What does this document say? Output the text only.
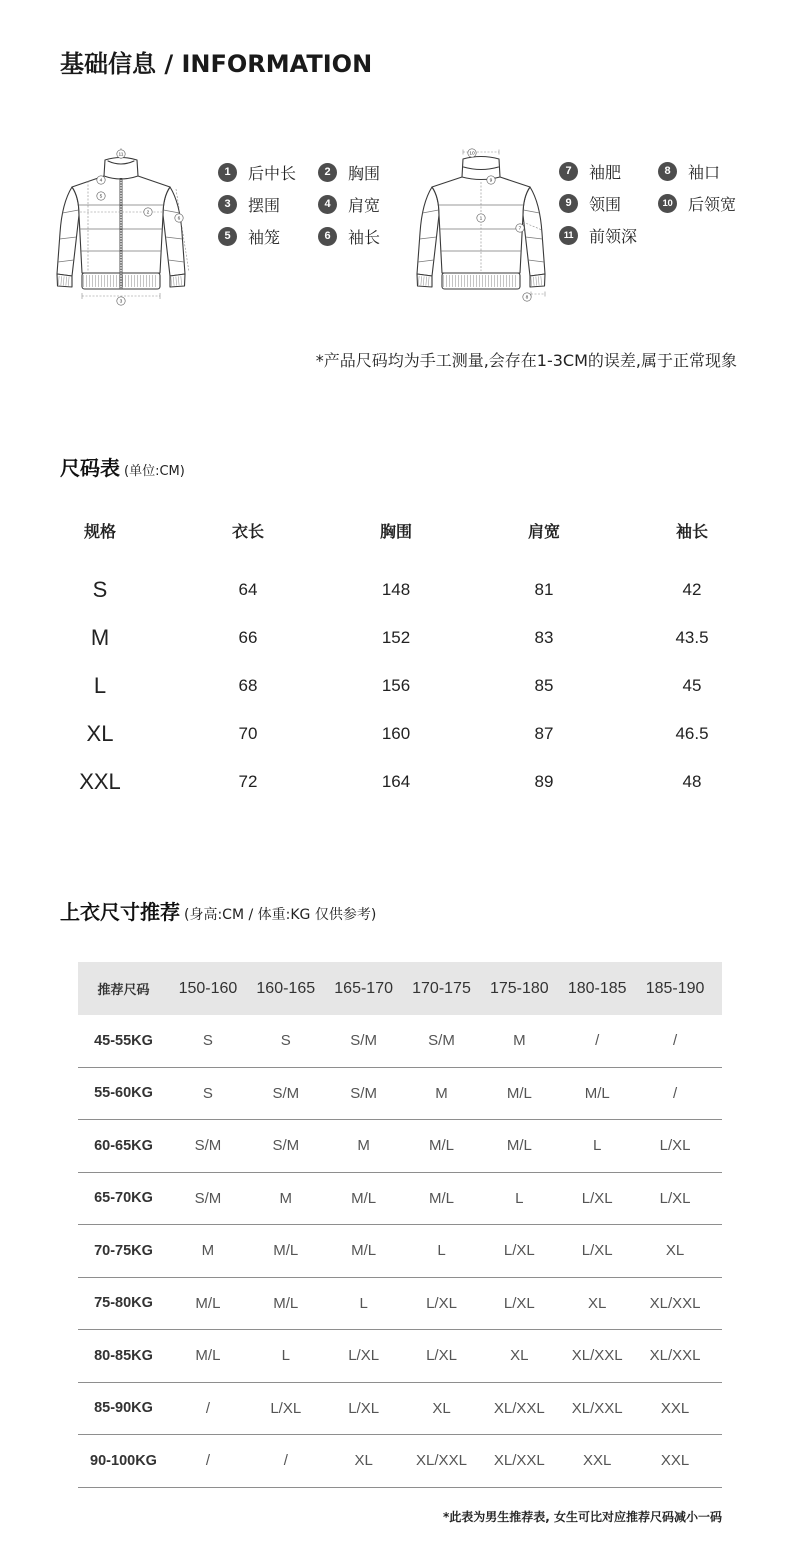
基础信息 / INFORMATION
11
4
5
2
6
3
1	后中长	2	胸围
3	摆围	4	肩宽
5	袖笼	6	袖长
10
9
1
7
8
7	袖肥	8	袖口
9	领围	10 后领宽
11 前领深
*产品尺码均为手工测量,会存在1-3CM的误差,属于正常现象
尺码表 (单位:CM)
规格	衣长	胸围	肩宽	袖长
S	64	148	81	42
M	66	152	83	43.5
L	68	156	85	45
XL	70	160	87	46.5
XXL	72	164	89	48
上衣尺寸推荐 (身高:CM / 体重:KG 仅供参考)
推荐尺码	150-160	160-165	165-170	170-175	175-180	180-185	185-190
45-55KG	S	S	S/M	S/M	M	/	/
55-60KG	S	S/M	S/M	M	M/L	M/L	/
60-65KG	S/M	S/M	M	M/L	M/L	L	L/XL
65-70KG	S/M	M	M/L	M/L	L	L/XL	L/XL
70-75KG	M	M/L	M/L	L	L/XL	L/XL	XL
75-80KG	M/L	M/L	L	L/XL	L/XL	XL	XL/XXL
80-85KG	M/L	L	L/XL	L/XL	XL	XL/XXL	XL/XXL
85-90KG	/	L/XL	L/XL	XL	XL/XXL	XL/XXL	XXL
90-100KG	/	/	XL	XL/XXL	XL/XXL	XXL	XXL
*此表为男生推荐表, 女生可比对应推荐尺码减小一码
